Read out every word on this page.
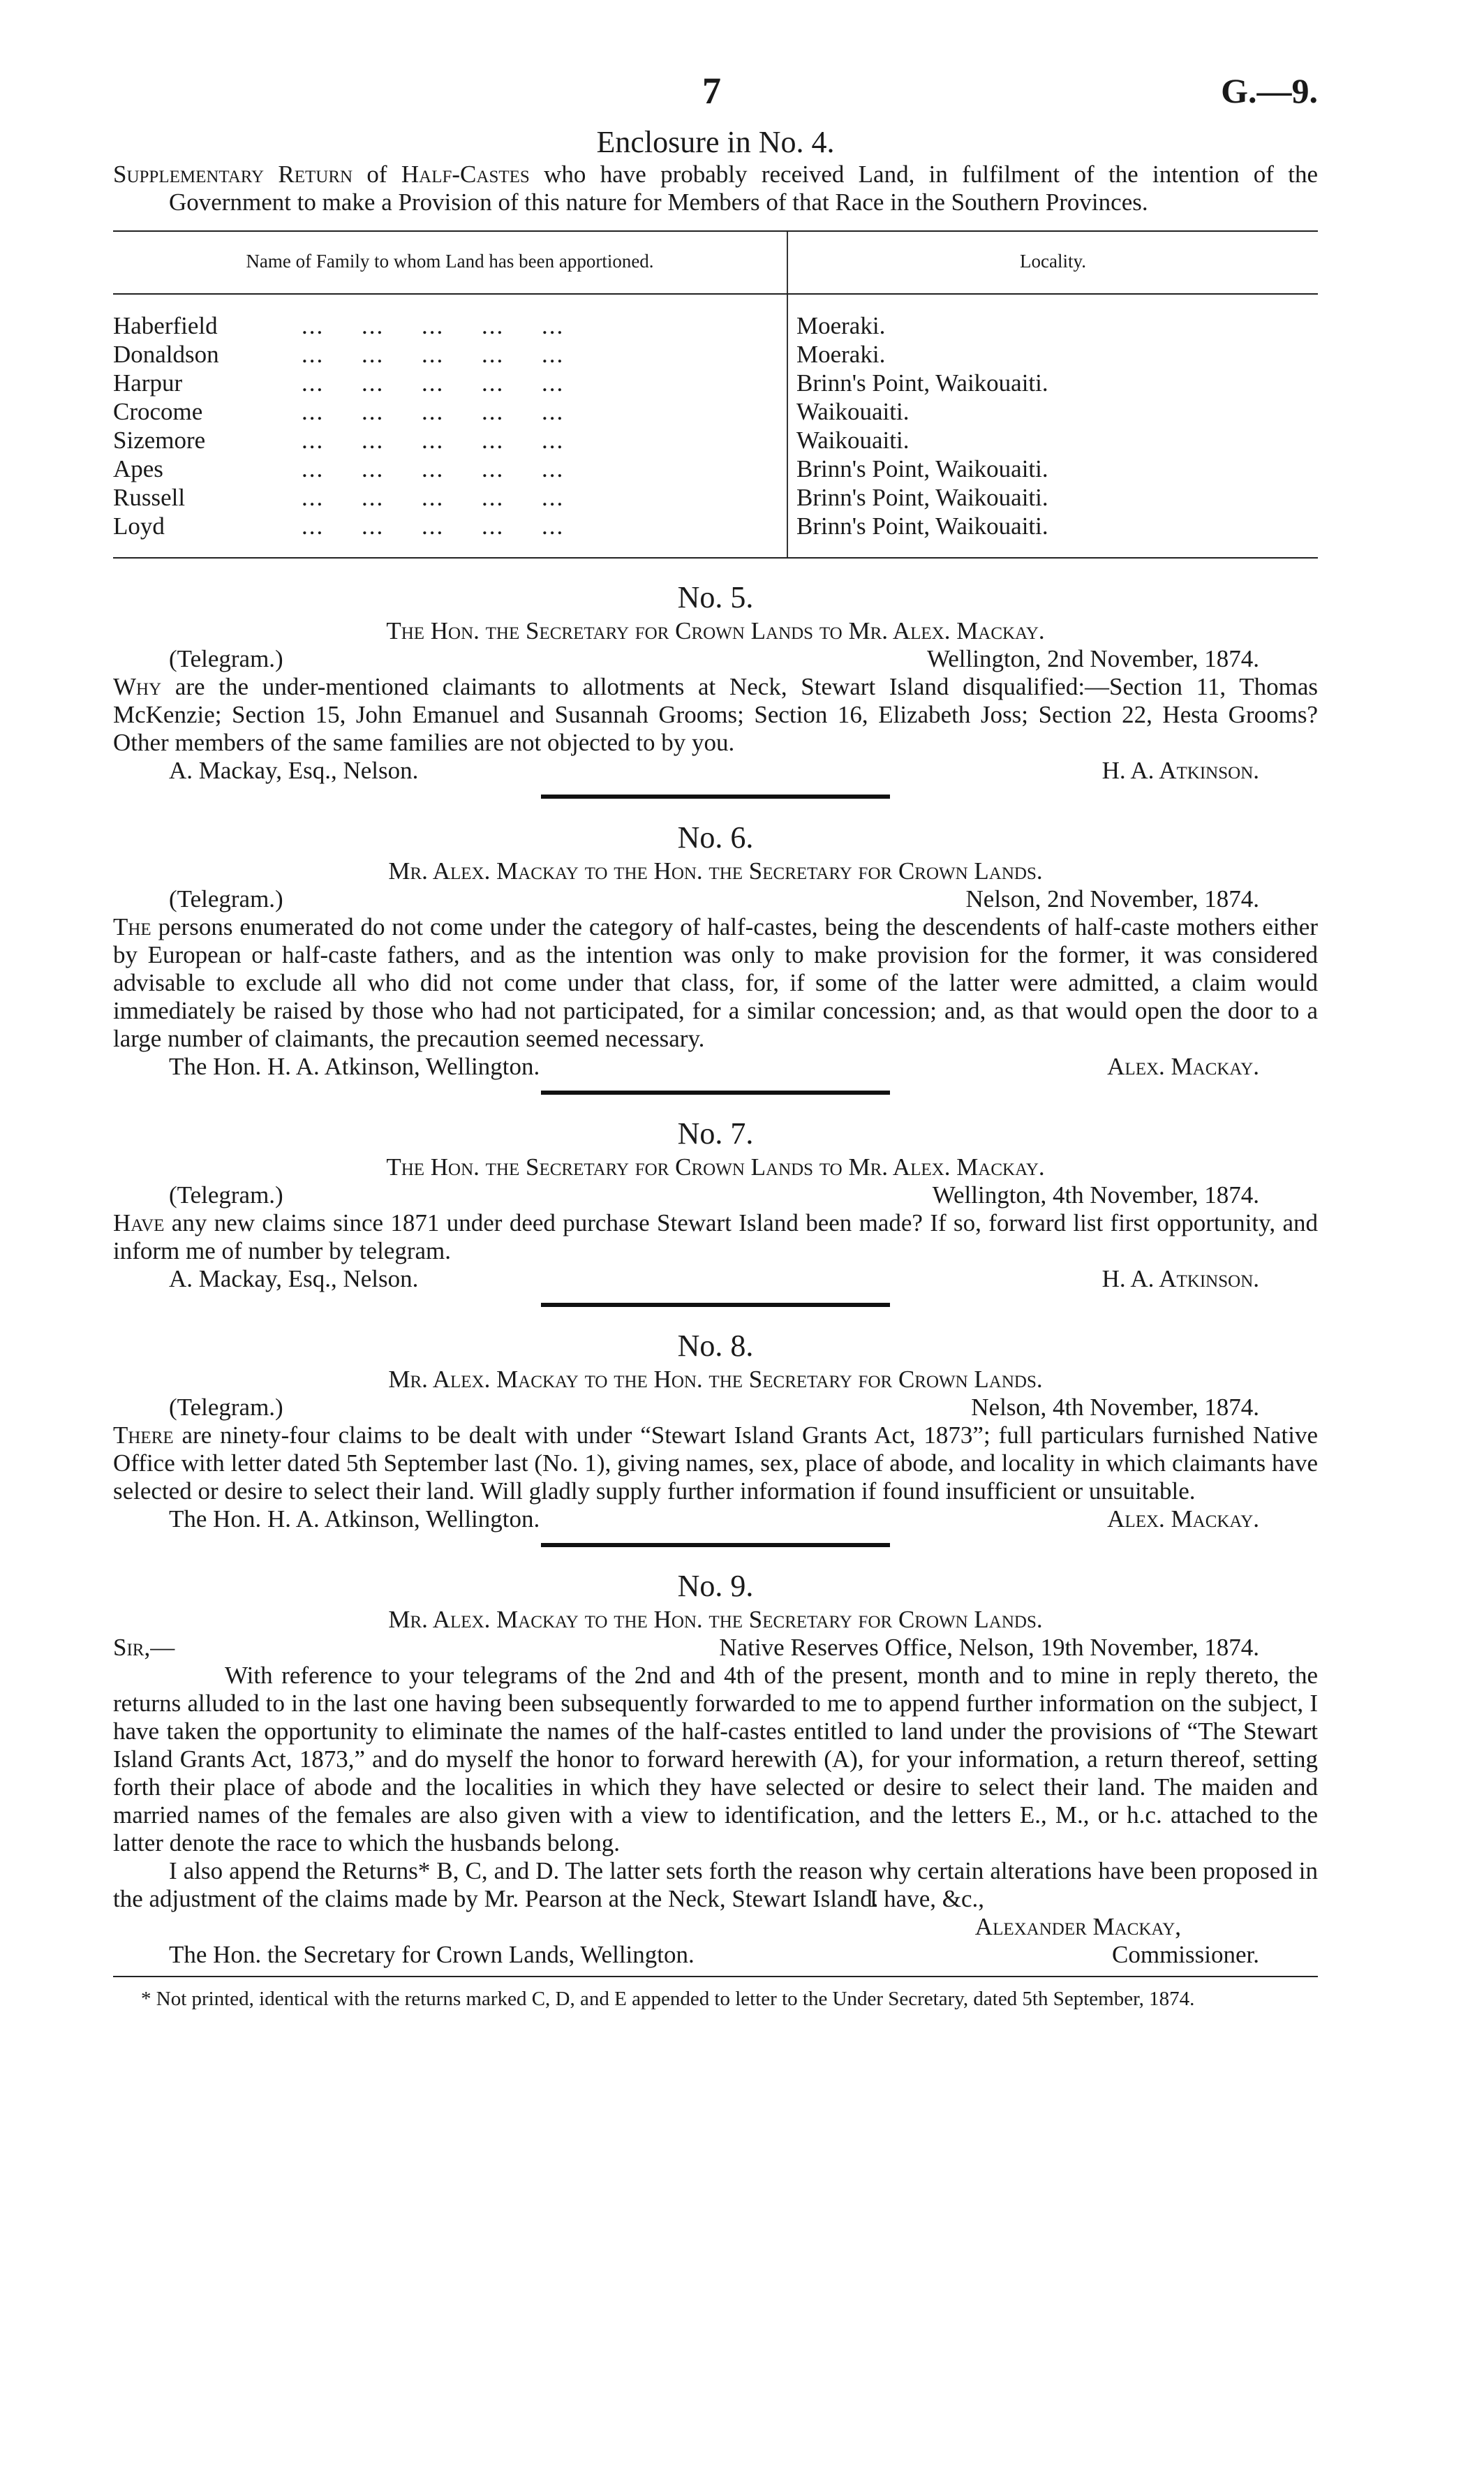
7	G.—9.
Enclosure in No. 4.
Supplementary Return of Half-Castes who have probably received Land, in fulfilment of the intention of the Government to make a Provision of this nature for Members of that Race in the Southern Provinces.
Name of Family to whom Land has been apportioned.	Locality.

Haberfield ...     ...     ...     ...     ...	Moeraki.
Donaldson ...     ...     ...     ...     ...	Moeraki.
Harpur ...     ...     ...     ...     ...	Brinn's Point, Waikouaiti.
Crocome ...     ...     ...     ...     ...	Waikouaiti.
Sizemore ...     ...     ...     ...     ...	Waikouaiti.
Apes ...     ...     ...     ...     ...	Brinn's Point, Waikouaiti.
Russell ...     ...     ...     ...     ...	Brinn's Point, Waikouaiti.
Loyd ...     ...     ...     ...     ...	Brinn's Point, Waikouaiti.

No. 5.
The Hon. the Secretary for Crown Lands to Mr. Alex. Mackay.
(Telegram.)	Wellington, 2nd November, 1874.
Why are the under-mentioned claimants to allotments at Neck, Stewart Island disqualified:—Section 11, Thomas McKenzie; Section 15, John Emanuel and Susannah Grooms; Section 16, Elizabeth Joss; Section 22, Hesta Grooms? Other members of the same families are not objected to by you.
A. Mackay, Esq., Nelson.	H. A. Atkinson.
No. 6.
Mr. Alex. Mackay to the Hon. the Secretary for Crown Lands.
(Telegram.)	Nelson, 2nd November, 1874.
The persons enumerated do not come under the category of half-castes, being the descendents of half-caste mothers either by European or half-caste fathers, and as the intention was only to make provision for the former, it was considered advisable to exclude all who did not come under that class, for, if some of the latter were admitted, a claim would immediately be raised by those who had not participated, for a similar concession; and, as that would open the door to a large number of claimants, the precaution seemed necessary.
The Hon. H. A. Atkinson, Wellington.	Alex. Mackay.
No. 7.
The Hon. the Secretary for Crown Lands to Mr. Alex. Mackay.
(Telegram.)	Wellington, 4th November, 1874.
Have any new claims since 1871 under deed purchase Stewart Island been made? If so, forward list first opportunity, and inform me of number by telegram.
A. Mackay, Esq., Nelson.	H. A. Atkinson.
No. 8.
Mr. Alex. Mackay to the Hon. the Secretary for Crown Lands.
(Telegram.)	Nelson, 4th November, 1874.
There are ninety-four claims to be dealt with under “Stewart Island Grants Act, 1873”; full particulars furnished Native Office with letter dated 5th September last (No. 1), giving names, sex, place of abode, and locality in which claimants have selected or desire to select their land. Will gladly supply further information if found insufficient or unsuitable.
The Hon. H. A. Atkinson, Wellington.	Alex. Mackay.
No. 9.
Mr. Alex. Mackay to the Hon. the Secretary for Crown Lands.
Sir,—	Native Reserves Office, Nelson, 19th November, 1874.
With reference to your telegrams of the 2nd and 4th of the present, month and to mine in reply thereto, the returns alluded to in the last one having been subsequently forwarded to me to append further information on the subject, I have taken the opportunity to eliminate the names of the half-castes entitled to land under the provisions of “The Stewart Island Grants Act, 1873,” and do myself the honor to forward herewith (A), for your information, a return thereof, setting forth their place of abode and the localities in which they have selected or desire to select their land. The maiden and married names of the females are also given with a view to identification, and the letters E., M., or h.c. attached to the latter denote the race to which the husbands belong.
I also append the Returns* B, C, and D. The latter sets forth the reason why certain alterations have been proposed in the adjustment of the claims made by Mr. Pearson at the Neck, Stewart Island.
I have, &c.,
Alexander Mackay,
The Hon. the Secretary for Crown Lands, Wellington.	Commissioner.
* Not printed, identical with the returns marked C, D, and E appended to letter to the Under Secretary, dated 5th September, 1874.
